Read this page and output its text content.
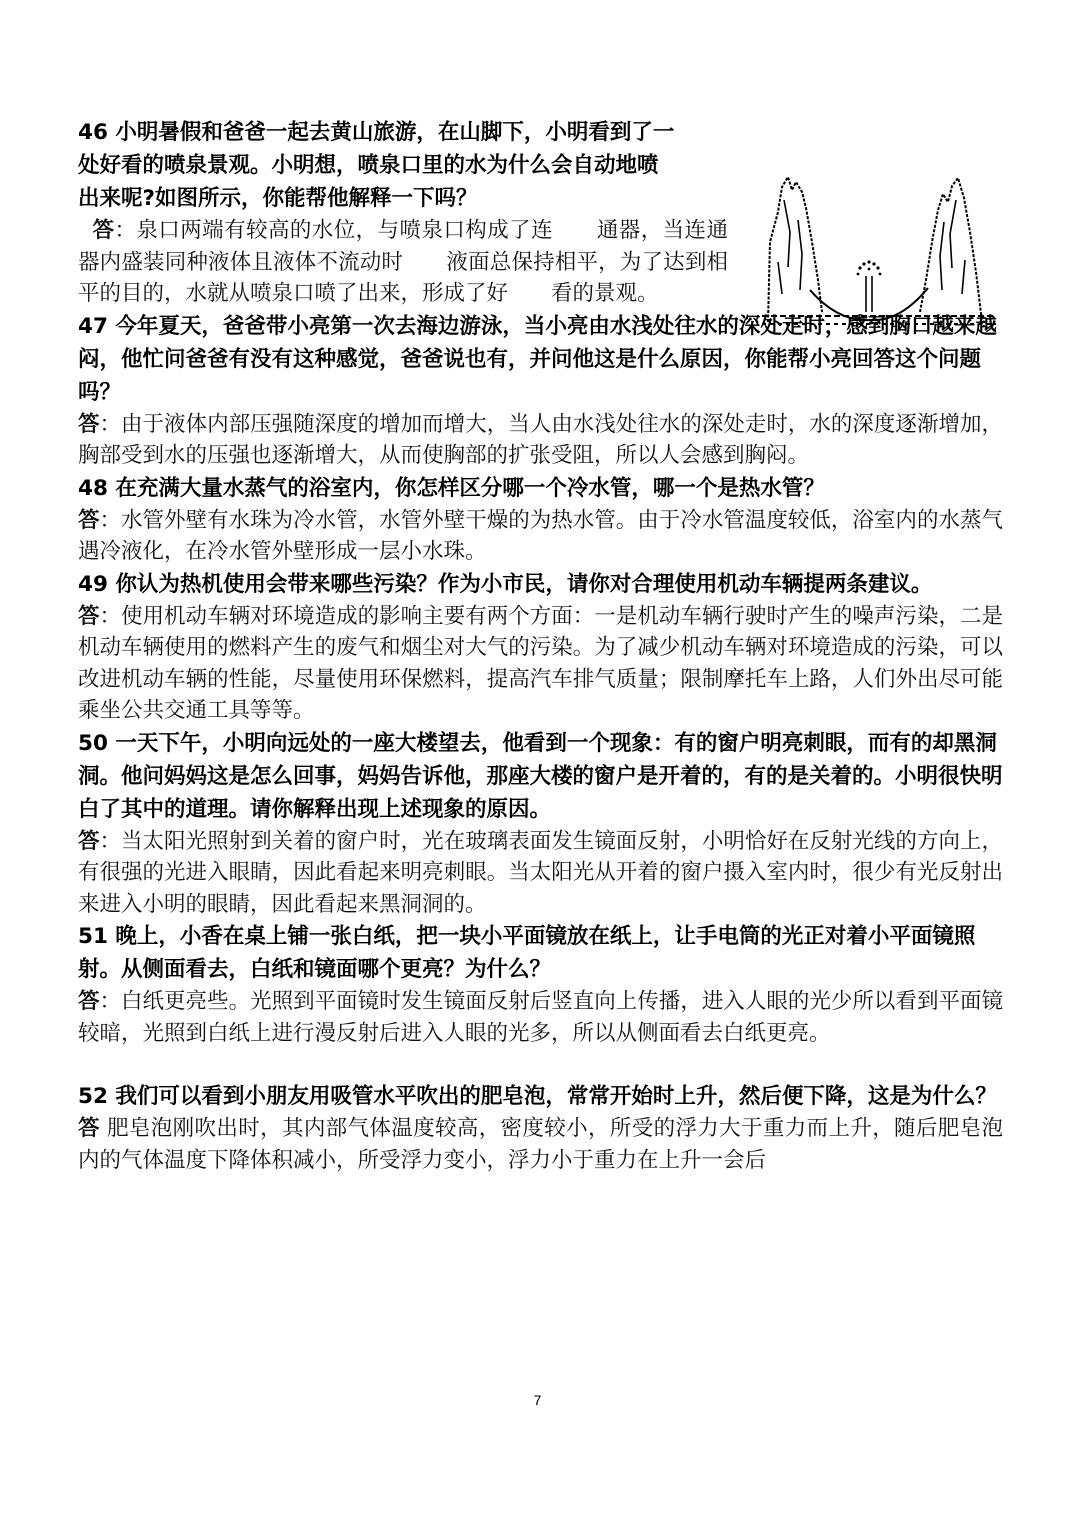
46 小明暑假和爸爸一起去黄山旅游，在山脚下，小明看到了一处好看的喷泉景观。小明想，喷泉口里的水为什么会自动地喷出来呢?如图所示，你能帮他解释一下吗？

答：泉口两端有较高的水位，与喷泉口构成了连　　通器，当连通器内盛装同种液体且液体不流动时　　液面总保持相平，为了达到相平的目的，水就从喷泉口喷了出来，形成了好　　看的景观。

47 今年夏天，爸爸带小亮第一次去海边游泳，当小亮由水浅处往水的深处走时，感到胸口越来越闷，他忙问爸爸有没有这种感觉，爸爸说也有，并问他这是什么原因，你能帮小亮回答这个问题吗？

答：由于液体内部压强随深度的增加而增大，当人由水浅处往水的深处走时，水的深度逐渐增加，胸部受到水的压强也逐渐增大，从而使胸部的扩张受阻，所以人会感到胸闷。

48 在充满大量水蒸气的浴室内，你怎样区分哪一个冷水管，哪一个是热水管？

答：水管外壁有水珠为冷水管，水管外壁干燥的为热水管。由于冷水管温度较低，浴室内的水蒸气遇冷液化，在冷水管外壁形成一层小水珠。

49 你认为热机使用会带来哪些污染？作为小市民，请你对合理使用机动车辆提两条建议。

答：使用机动车辆对环境造成的影响主要有两个方面：一是机动车辆行驶时产生的噪声污染，二是机动车辆使用的燃料产生的废气和烟尘对大气的污染。为了减少机动车辆对环境造成的污染，可以改进机动车辆的性能，尽量使用环保燃料，提高汽车排气质量；限制摩托车上路，人们外出尽可能乘坐公共交通工具等等。

50 一天下午，小明向远处的一座大楼望去，他看到一个现象：有的窗户明亮刺眼，而有的却黑洞洞。他问妈妈这是怎么回事，妈妈告诉他，那座大楼的窗户是开着的，有的是关着的。小明很快明白了其中的道理。请你解释出现上述现象的原因。

答：当太阳光照射到关着的窗户时，光在玻璃表面发生镜面反射，小明恰好在反射光线的方向上，有很强的光进入眼睛，因此看起来明亮刺眼。当太阳光从开着的窗户摄入室内时，很少有光反射出来进入小明的眼睛，因此看起来黑洞洞的。

51 晚上，小香在桌上铺一张白纸，把一块小平面镜放在纸上，让手电筒的光正对着小平面镜照射。从侧面看去，白纸和镜面哪个更亮？为什么？

答：白纸更亮些。光照到平面镜时发生镜面反射后竖直向上传播，进入人眼的光少所以看到平面镜较暗，光照到白纸上进行漫反射后进入人眼的光多，所以从侧面看去白纸更亮。

52 我们可以看到小朋友用吸管水平吹出的肥皂泡，常常开始时上升，然后便下降，这是为什么？

答 肥皂泡刚吹出时，其内部气体温度较高，密度较小，所受的浮力大于重力而上升，随后肥皂泡内的气体温度下降体积减小，所受浮力变小，浮力小于重力在上升一会后

7
